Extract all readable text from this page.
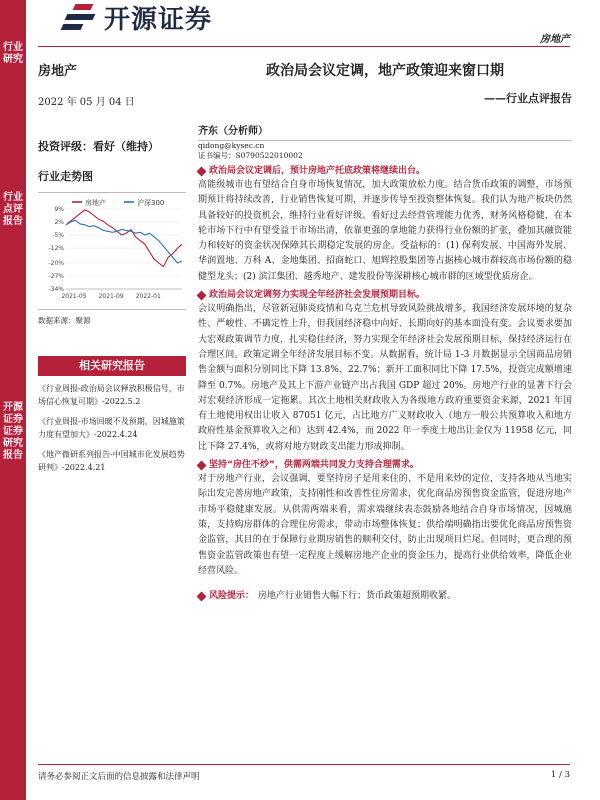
行业研究
行业点评报告
开源证券 证券研究报告
开源证券
房地产
房地产
2022 年 05 月 04 日
投资评级：看好（维持）
行业走势图
房地产	沪深300
9%
2%
-5%
-12%
-20%
-27%
-34%
2021-05 2021-09 2022-01
数据来源：聚源
相关研究报告
《行业周报-政治局会议释放积极信号，市场信心恢复可期》-2022.5.2
《行业周报-市场回暖不及预期，因城施策力度有望加大》-2022.4.24
《地产微研系列报告-中国城市化发展趋势研判》-2022.4.21
政治局会议定调，地产政策迎来窗口期
——行业点评报告
齐东（分析师）
qidong@kysec.cn
证书编号：S0790522010002
政治局会议定调后，预计房地产托底政策将继续出台。
高能级城市也有望结合自身市场恢复情况，加大政策放松力度。结合货币政策的调整，市场预期预计将持续改善，行业销售恢复可期，并逐步传导至投资整体恢复。我们认为地产板块仍然具备较好的投资机会，维持行业看好评级。看好过去经营管理能力优秀，财务风格稳健，在本轮市场下行中有望受益于市场出清，依靠更强的拿地能力获得行业份额的扩张，叠加其融资能力和较好的资金状况保障其长期稳定发展的房企。受益标的：(1) 保利发展、中国海外发展、华润置地、万科 A、金地集团、招商蛇口、旭辉控股集团等占据核心城市群较高市场份额的稳健型龙头；(2) 滨江集团、越秀地产、建发股份等深耕核心城市群的区域型优质房企。
政治局会议定调努力实现全年经济社会发展预期目标。
会议明确指出，尽管新冠肺炎疫情和乌克兰危机导致风险挑战增多，我国经济发展环境的复杂性、严峻性、不确定性上升，但我国经济稳中向好、长期向好的基本面没有变。会议要求要加大宏观政策调节力度，扎实稳住经济，努力实现全年经济社会发展预期目标，保持经济运行在合理区间。政策定调全年经济发展目标不变。从数据看，统计局 1-3 月数据显示全国商品房销售金额与面积分别同比下降 13.8%、22.7%；新开工面积同比下降 17.5%，投资完成额增速降至 0.7%。房地产及其上下游产业链产出占我国 GDP 超过 20%。房地产行业的显著下行会对宏观经济形成一定拖累。其次土地相关财政收入为各级地方政府重要资金来源，2021 年国有土地使用权出让收入 87051 亿元，占比地方广义财政收入（地方一般公共预算收入和地方政府性基金预算收入之和）达到 42.4%，而 2022 年一季度土地出让金仅为 11958 亿元，同比下降 27.4%，或将对地方财政支出能力形成抑制。
坚持“房住不炒”，供需两端共同发力支持合理需求。
对于房地产行业，会议强调，要坚持房子是用来住的、不是用来炒的定位，支持各地从当地实际出发完善房地产政策，支持刚性和改善性住房需求，优化商品房预售资金监管，促进房地产市场平稳健康发展。从供需两端来看，需求端继续表态鼓励各地结合自身市场情况，因城施策，支持购房群体的合理住房需求，带动市场整体恢复；供给端明确指出要优化商品房预售资金监管，其目的在于保障行业期房销售的顺利交付，防止出现项目烂尾。但同时，更合理的预售资金监管政策也有望一定程度上缓解房地产企业的资金压力，提高行业供给效率，降低企业经营风险。
风险提示： 房地产行业销售大幅下行；货币政策超预期收紧。
请务必参阅正文后面的信息披露和法律声明	1 / 3
